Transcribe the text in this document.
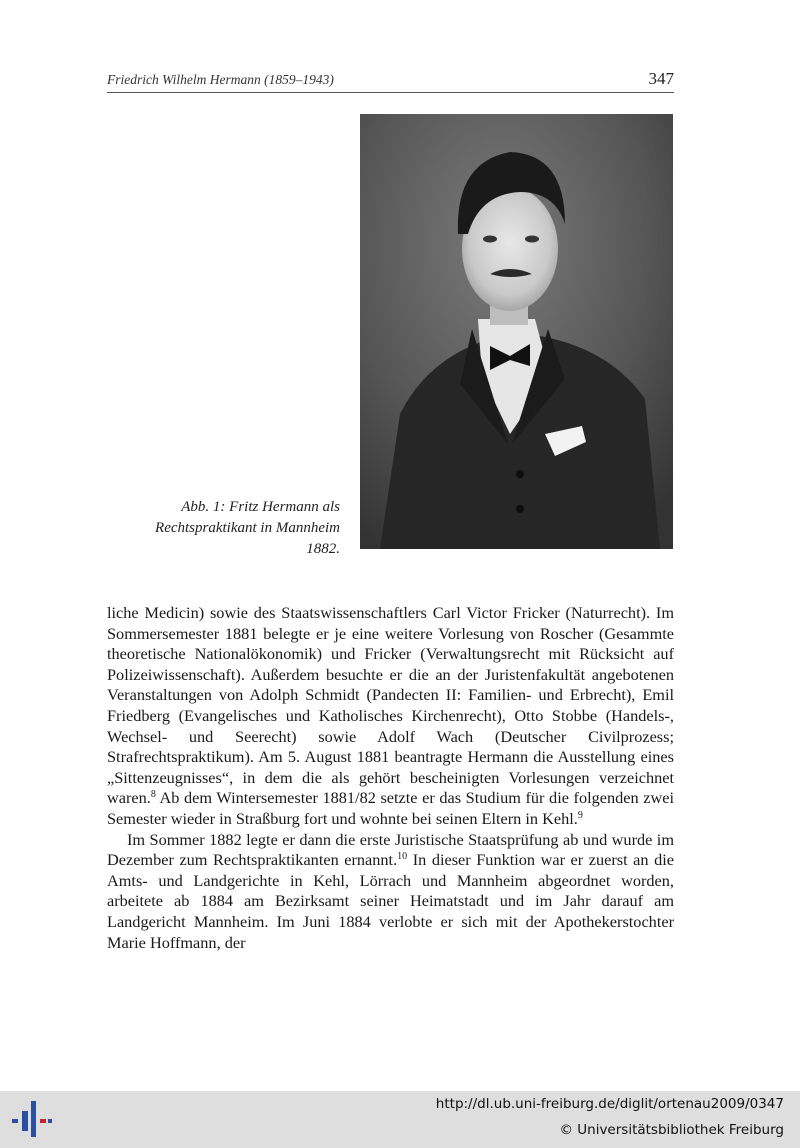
Friedrich Wilhelm Hermann (1859–1943)	347
Abb. 1: Fritz Hermann als
Rechtspraktikant in Mannheim
1882.

liche Medicin) sowie des Staatswissenschaftlers Carl Victor Fricker (Naturrecht). Im Sommersemester 1881 belegte er je eine weitere Vorlesung von Roscher (Gesammte theoretische Nationalökonomik) und Fricker (Verwaltungsrecht mit Rücksicht auf Polizeiwissenschaft). Außerdem besuchte er die an der Juristenfakultät angebotenen Veranstaltungen von Adolph Schmidt (Pandecten II: Familien- und Erbrecht), Emil Friedberg (Evangelisches und Katholisches Kirchenrecht), Otto Stobbe (Handels-, Wechsel- und Seerecht) sowie Adolf Wach (Deutscher Civilprozess; Strafrechtspraktikum). Am 5. August 1881 beantragte Hermann die Ausstellung eines „Sittenzeugnisses“, in dem die als gehört bescheinigten Vorlesungen verzeichnet waren.$^8$ Ab dem Wintersemester 1881/82 setzte er das Studium für die folgenden zwei Semester wieder in Straßburg fort und wohnte bei seinen Eltern in Kehl.$^9$

Im Sommer 1882 legte er dann die erste Juristische Staatsprüfung ab und wurde im Dezember zum Rechtspraktikanten ernannt.$^{10}$ In dieser Funktion war er zuerst an die Amts- und Landgerichte in Kehl, Lörrach und Mannheim abgeordnet worden, arbeitete ab 1884 am Bezirksamt seiner Heimatstadt und im Jahr darauf am Landgericht Mannheim. Im Juni 1884 verlobte er sich mit der Apothekerstochter Marie Hoffmann, der

http://dl.ub.uni-freiburg.de/diglit/ortenau2009/0347
© Universitätsbibliothek Freiburg
